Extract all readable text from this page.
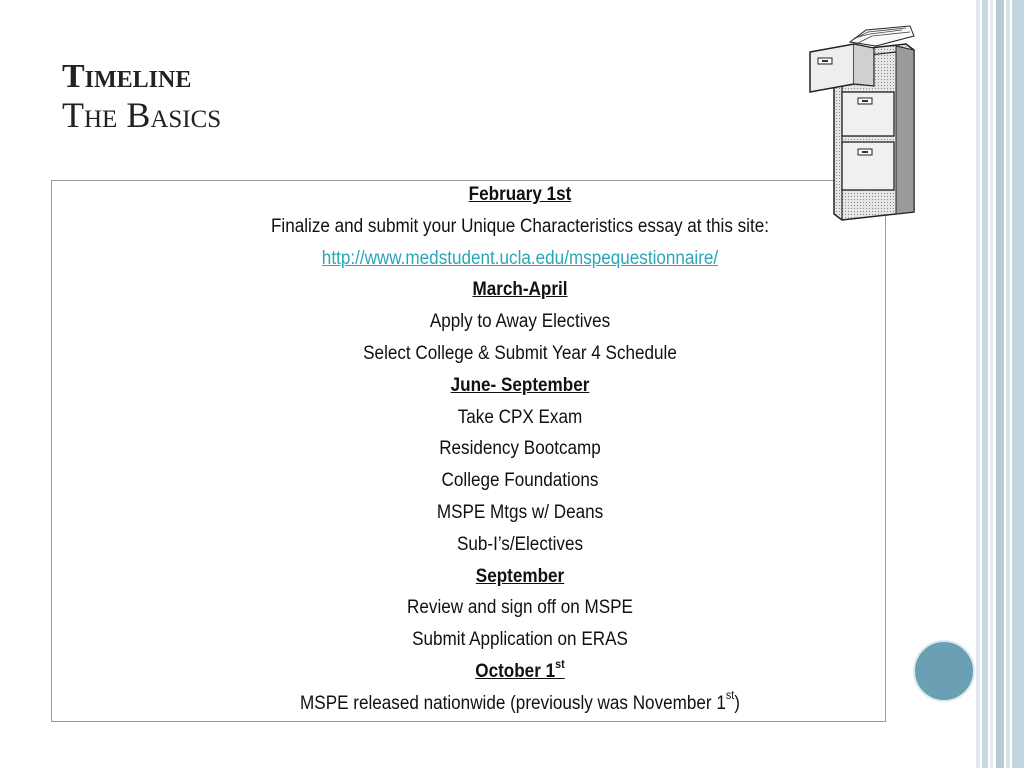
Timeline
The Basics
February 1st
Finalize and submit your Unique Characteristics essay at this site:
http://www.medstudent.ucla.edu/mspequestionnaire/
March-April
Apply to Away Electives
Select College & Submit Year 4 Schedule
June- September
Take CPX Exam
Residency Bootcamp
College Foundations
MSPE Mtgs w/ Deans
Sub-I’s/Electives
September
Review and sign off on MSPE
Submit Application on ERAS
October 1st
MSPE released nationwide (previously was November 1st)
